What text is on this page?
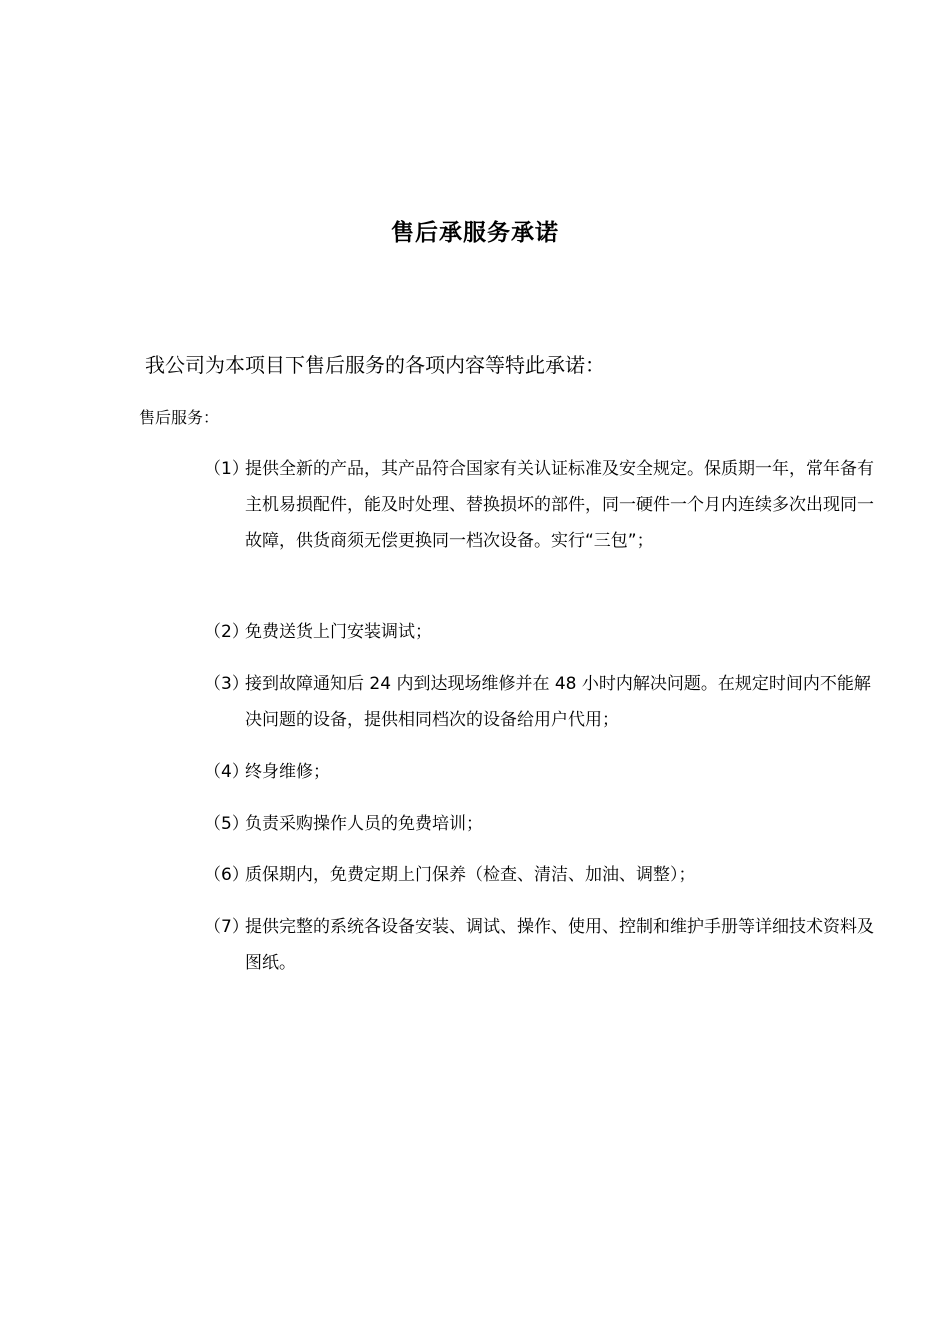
售后承服务承诺
我公司为本项目下售后服务的各项内容等特此承诺：
售后服务：
（1）
提供全新的产品，其产品符合国家有关认证标准及安全规定。保质期一年，常年备有主机易损配件，能及时处理、替换损坏的部件，同一硬件一个月内连续多次出现同一故障，供货商须无偿更换同一档次设备。实行“三包”；
（2）
免费送货上门安装调试；
（3）
接到故障通知后 24 内到达现场维修并在 48 小时内解决问题。在规定时间内不能解决问题的设备，提供相同档次的设备给用户代用；
（4）
终身维修；
（5）
负责采购操作人员的免费培训；
（6）
质保期内，免费定期上门保养（检查、清洁、加油、调整）；
（7）
提供完整的系统各设备安装、调试、操作、使用、控制和维护手册等详细技术资料及图纸。
